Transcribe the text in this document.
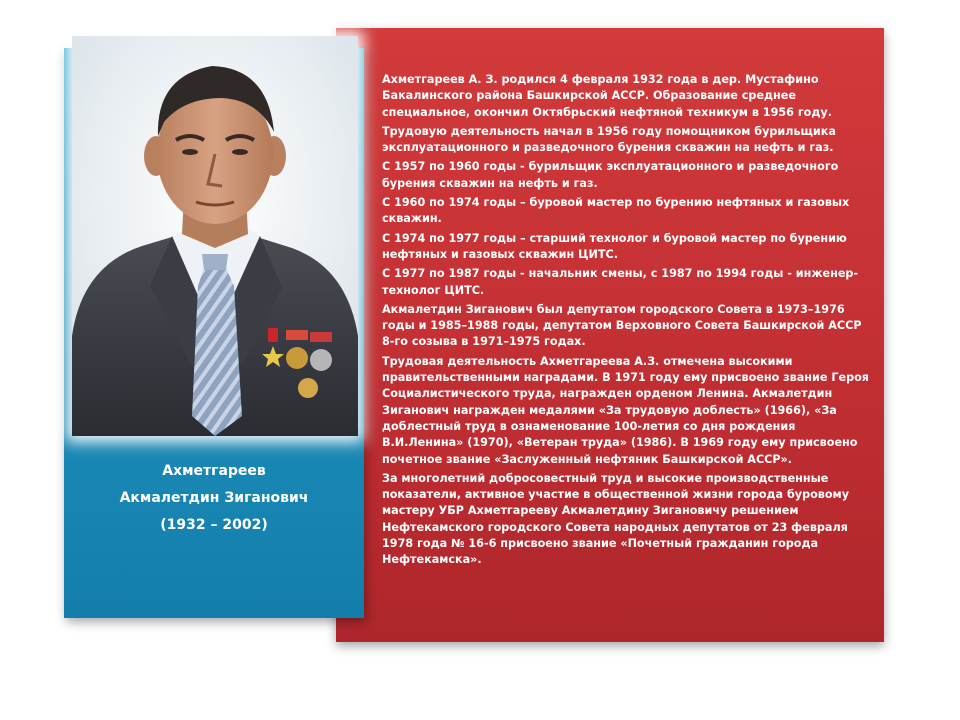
Ахметгареев
Акмалетдин Зиганович
(1932 – 2002)

Ахметгареев А. З. родился 4 февраля 1932 года в дер. Мустафино Бакалинского района Башкирской АССР. Образование среднее специальное, окончил Октябрьский нефтяной техникум в 1956 году.

Трудовую деятельность начал в 1956 году помощником бурильщика эксплуатационного и разведочного бурения скважин на нефть и газ.

С 1957 по 1960 годы - бурильщик эксплуатационного и разведочного бурения скважин на нефть и газ.

С 1960 по 1974 годы – буровой мастер по бурению нефтяных и газовых скважин.

С 1974 по 1977 годы – старший технолог и буровой мастер по бурению нефтяных и газовых скважин ЦИТС.

С 1977 по 1987 годы - начальник смены, с 1987 по 1994 годы - инженер-технолог ЦИТС.

Акмалетдин Зиганович был депутатом городского Совета в 1973–1976 годы и 1985–1988 годы, депутатом Верховного Совета Башкирской АССР 8-го созыва в 1971–1975 годах.

Трудовая деятельность Ахметгареева А.З. отмечена высокими правительственными наградами. В 1971 году ему присвоено звание Героя Социалистического труда, награжден орденом Ленина. Акмалетдин Зиганович награжден медалями «За трудовую доблесть» (1966), «За доблестный труд в ознаменование 100-летия со дня рождения В.И.Ленина» (1970), «Ветеран труда» (1986). В 1969 году ему присвоено почетное звание «Заслуженный нефтяник Башкирской АССР».

За многолетний добросовестный труд и высокие производственные показатели, активное участие в общественной жизни города буровому мастеру УБР Ахметгарееву Акмалетдину Зигановичу решением Нефтекамского городского Совета народных депутатов от 23 февраля 1978 года № 16-6 присвоено звание «Почетный гражданин города Нефтекамска».
